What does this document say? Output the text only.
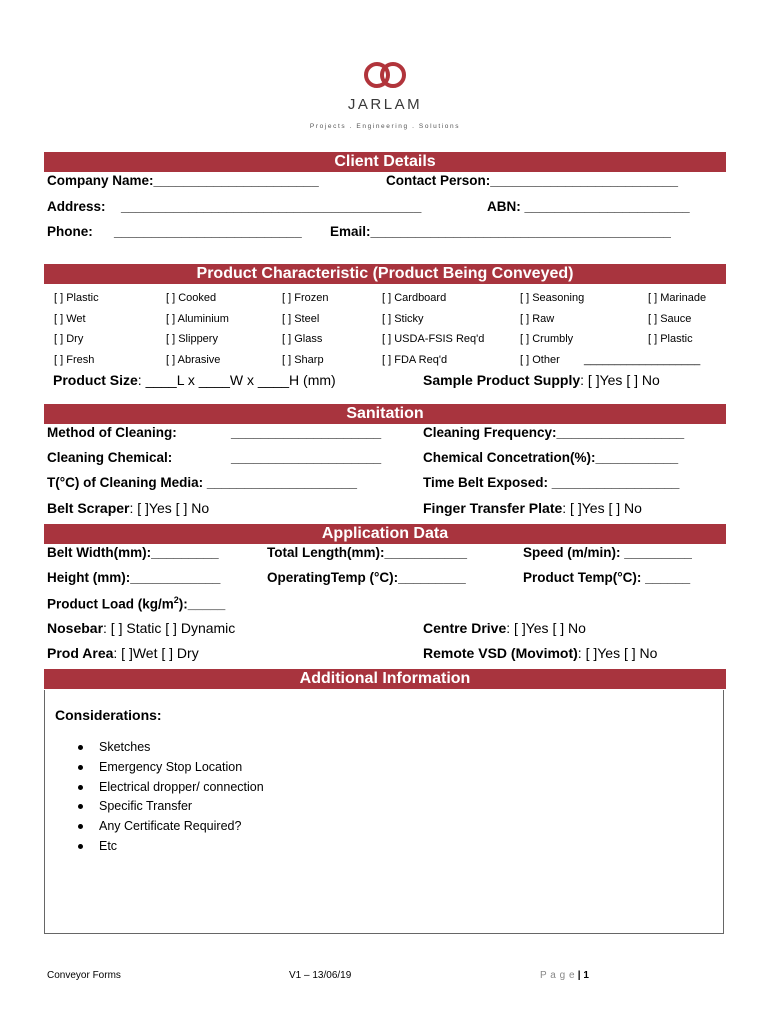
JARLAM
Projects . Engineering . Solutions
Client Details
Company Name:______________________	Contact Person:_________________________
Address: ________________________________________	ABN: ______________________
Phone: _________________________ Email:________________________________________
Product Characteristic (Product Being Conveyed)
[ ] Plastic	[ ] Cooked	[ ] Frozen	[ ] Cardboard	[ ] Seasoning	[ ] Marinade
[ ] Wet	[ ] Aluminium	[ ] Steel	[ ] Sticky	[ ] Raw	[ ] Sauce
[ ] Dry	[ ] Slippery	[ ] Glass	[ ] USDA-FSIS Req'd	[ ] Crumbly	[ ] Plastic
[ ] Fresh	[ ] Abrasive	[ ] Sharp	[ ] FDA Req'd	[ ] Other ___________________
Product Size: ____L x ____W x ____H (mm)	Sample Product Supply: [ ]Yes [ ] No
Sanitation
Method of Cleaning:	____________________	Cleaning Frequency:_________________
Cleaning Chemical:	____________________	Chemical Concetration(%):___________
T(°C) of Cleaning Media: ____________________	Time Belt Exposed: _________________
Belt Scraper: [ ]Yes [ ] No	Finger Transfer Plate: [ ]Yes [ ] No
Application Data
Belt Width(mm):_________	Total Length(mm):___________	Speed (m/min): _________
Height (mm):____________	OperatingTemp (°C):_________	Product Temp(°C): ______
Product Load $(kg/m^2):\_\_\_\_\_$
Nosebar: [ ] Static [ ] Dynamic	Centre Drive: [ ]Yes [ ] No
Prod Area: [ ]Wet [ ] Dry	Remote VSD (Movimot): [ ]Yes [ ] No
Additional Information
Considerations:
Sketches
Emergency Stop Location
Electrical dropper/ connection
Specific Transfer
Any Certificate Required?
Etc
Conveyor Forms	V1 – 13/06/19	P a g e | 1
